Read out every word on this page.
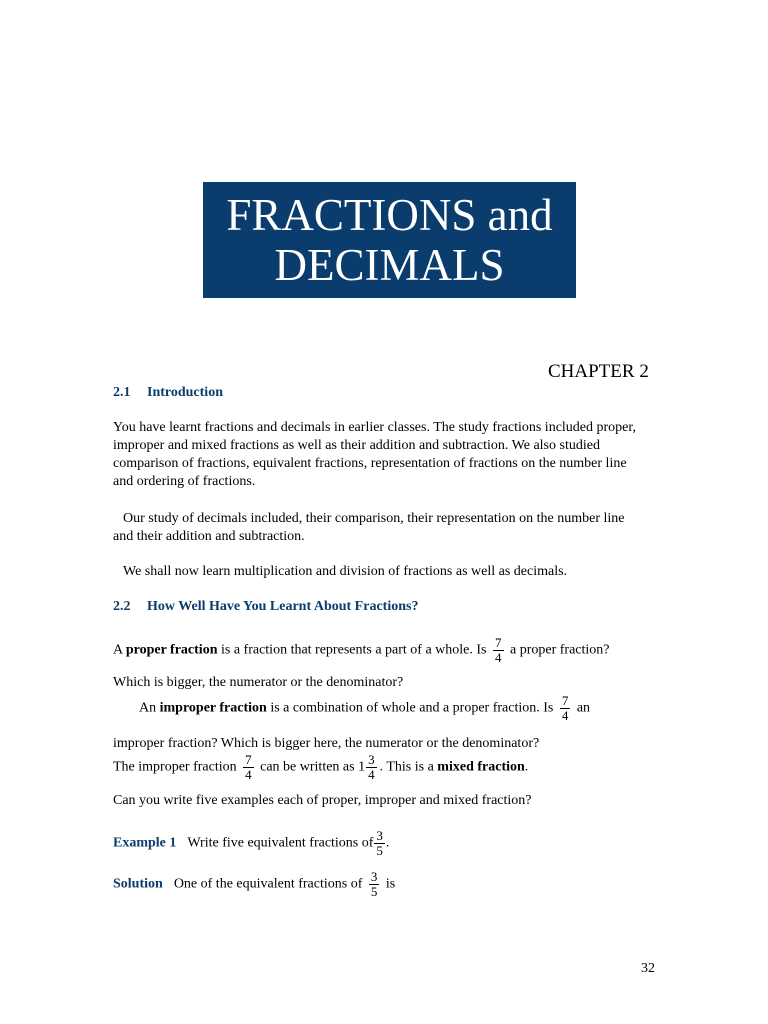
FRACTIONS and
DECIMALS
CHAPTER 2
2.1 Introduction
You have learnt fractions and decimals in earlier classes. The study fractions included proper, improper and mixed fractions as well as their addition and subtraction. We also studied comparison of fractions, equivalent fractions, representation of fractions on the number line and ordering of fractions.
Our study of decimals included, their comparison, their representation on the number line and their addition and subtraction.
We shall now learn multiplication and division of fractions as well as decimals.
2.2 How Well Have You Learnt About Fractions?
A proper fraction is a fraction that represents a part of a whole. Is $\frac{7}{4}$ a proper fraction?
Which is bigger, the numerator or the denominator?
An improper fraction is a combination of whole and a proper fraction. Is $\frac{7}{4}$ an
improper fraction? Which is bigger here, the numerator or the denominator?
The improper fraction $\frac{7}{4}$ can be written as $1 \frac{3}{4}$ . This is a mixed fraction.
Can you write five examples each of proper, improper and mixed fraction?
Example 1 Write five equivalent fractions of $\frac{3}{5}$ .
Solution One of the equivalent fractions of $\frac{3}{5}$ is
32
